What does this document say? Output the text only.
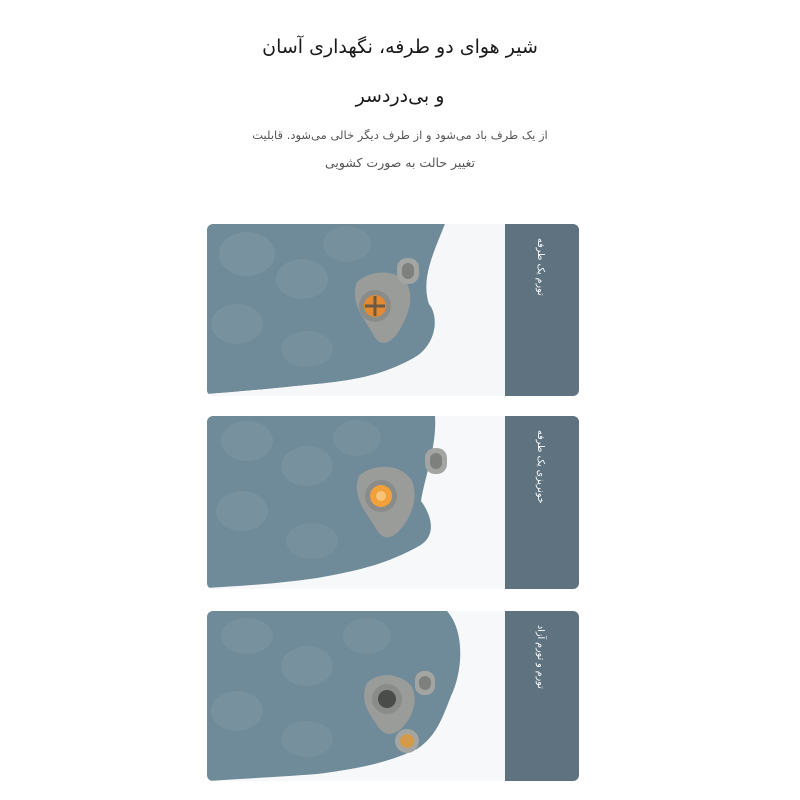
شیر هوای دو طرفه، نگهداری آسان
و بی‌دردسر

از یک طرف باد می‌شود و از طرف دیگر خالی می‌شود. قابلیت

تغییر حالت به صورت کشویی

تورم یک طرفه
خونریزی یک طرفه
تورم و تورم آزاد
